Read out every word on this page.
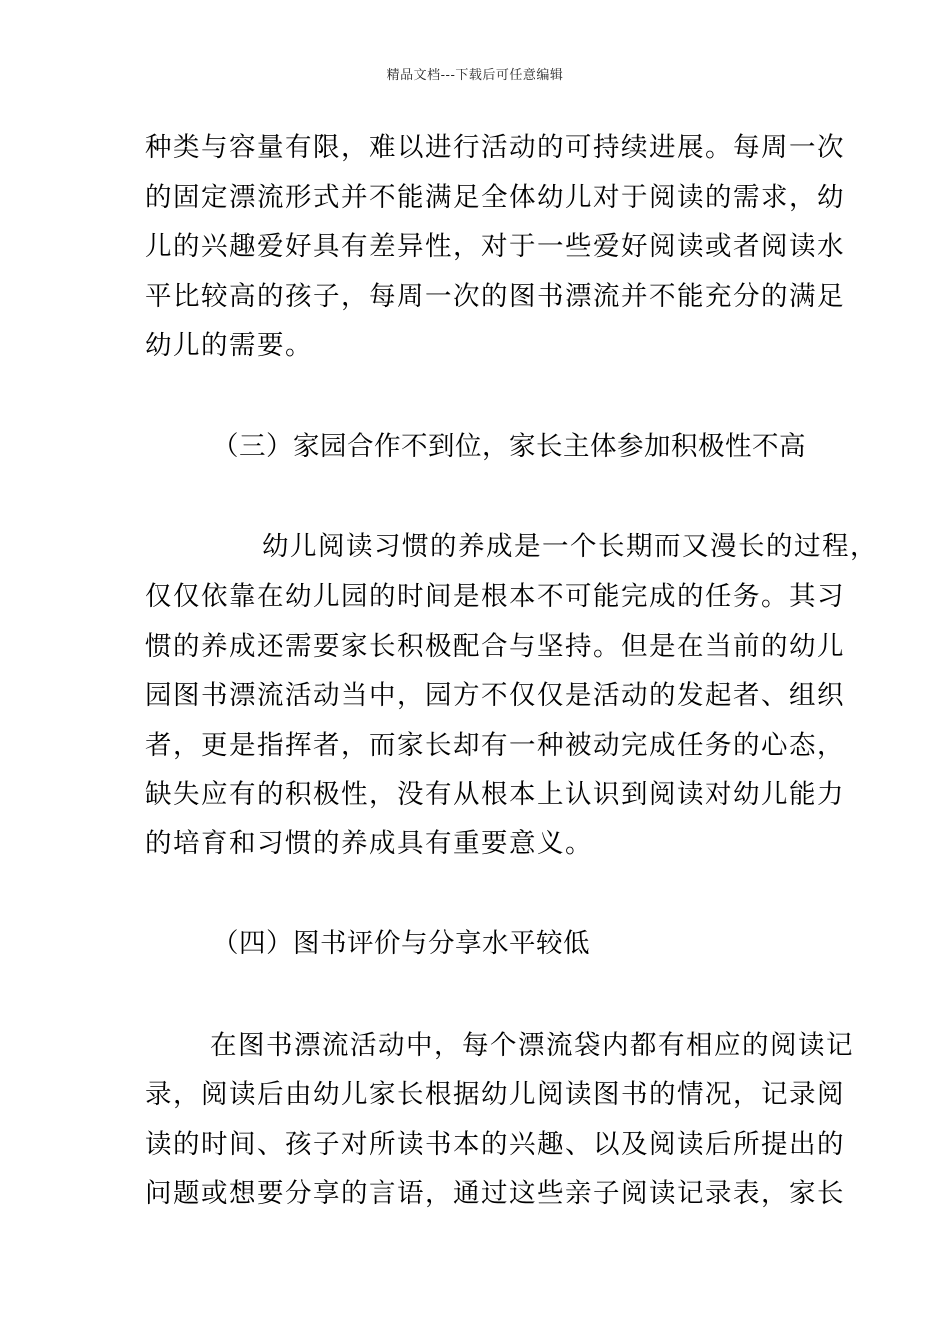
精品文档---下载后可任意编辑
种类与容量有限，难以进行活动的可持续进展。每周一次
的固定漂流形式并不能满足全体幼儿对于阅读的需求，幼
儿的兴趣爱好具有差异性，对于一些爱好阅读或者阅读水
平比较高的孩子，每周一次的图书漂流并不能充分的满足
幼儿的需要。
（三）家园合作不到位，家长主体参加积极性不高
幼儿阅读习惯的养成是一个长期而又漫长的过程，
仅仅依靠在幼儿园的时间是根本不可能完成的任务。其习
惯的养成还需要家长积极配合与坚持。但是在当前的幼儿
园图书漂流活动当中，园方不仅仅是活动的发起者、组织
者，更是指挥者，而家长却有一种被动完成任务的心态，
缺失应有的积极性，没有从根本上认识到阅读对幼儿能力
的培育和习惯的养成具有重要意义。
（四）图书评价与分享水平较低
在图书漂流活动中，每个漂流袋内都有相应的阅读记
录，阅读后由幼儿家长根据幼儿阅读图书的情况，记录阅
读的时间、孩子对所读书本的兴趣、以及阅读后所提出的
问题或想要分享的言语，通过这些亲子阅读记录表，家长
